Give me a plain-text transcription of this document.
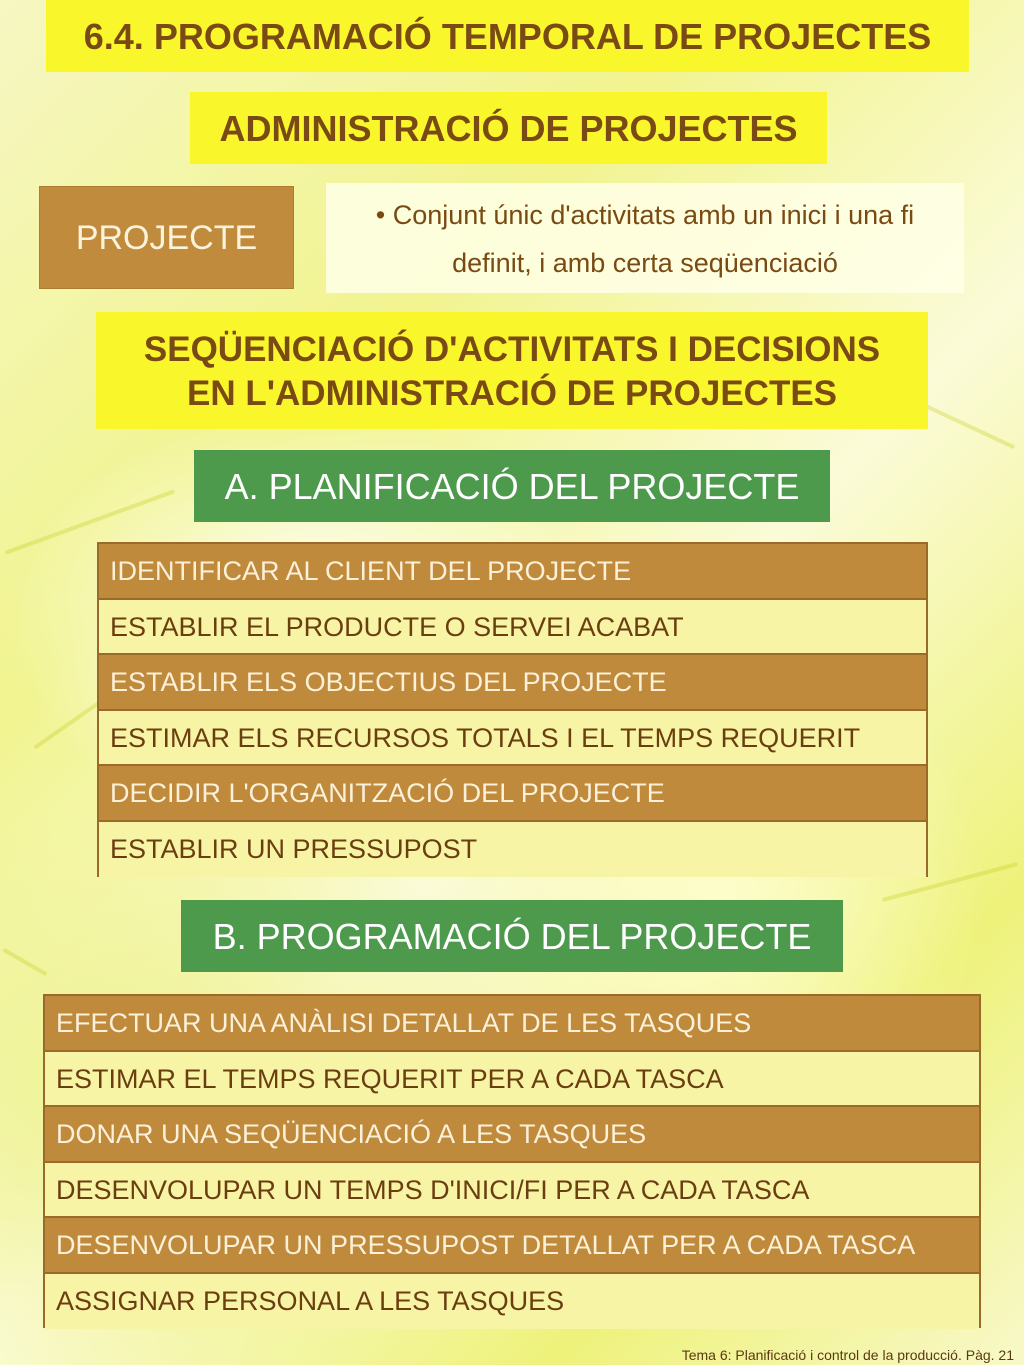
6.4. PROGRAMACIÓ TEMPORAL DE PROJECTES
ADMINISTRACIÓ DE PROJECTES
PROJECTE
• Conjunt únic d'activitats amb un inici i una fi
definit, i amb certa seqüenciació
SEQÜENCIACIÓ D'ACTIVITATS I DECISIONS
EN L'ADMINISTRACIÓ DE PROJECTES
A. PLANIFICACIÓ DEL PROJECTE
IDENTIFICAR AL CLIENT DEL PROJECTE
ESTABLIR EL PRODUCTE O SERVEI ACABAT
ESTABLIR ELS OBJECTIUS DEL PROJECTE
ESTIMAR ELS RECURSOS TOTALS I EL TEMPS REQUERIT
DECIDIR L'ORGANITZACIÓ DEL PROJECTE
ESTABLIR UN PRESSUPOST
B. PROGRAMACIÓ DEL PROJECTE
EFECTUAR UNA ANÀLISI DETALLAT DE LES TASQUES
ESTIMAR EL TEMPS REQUERIT PER A CADA TASCA
DONAR UNA SEQÜENCIACIÓ A LES TASQUES
DESENVOLUPAR UN TEMPS D'INICI/FI PER A CADA TASCA
DESENVOLUPAR UN PRESSUPOST DETALLAT PER A CADA TASCA
ASSIGNAR PERSONAL A LES TASQUES
Tema 6: Planificació i control de la producció. Pàg. 21
